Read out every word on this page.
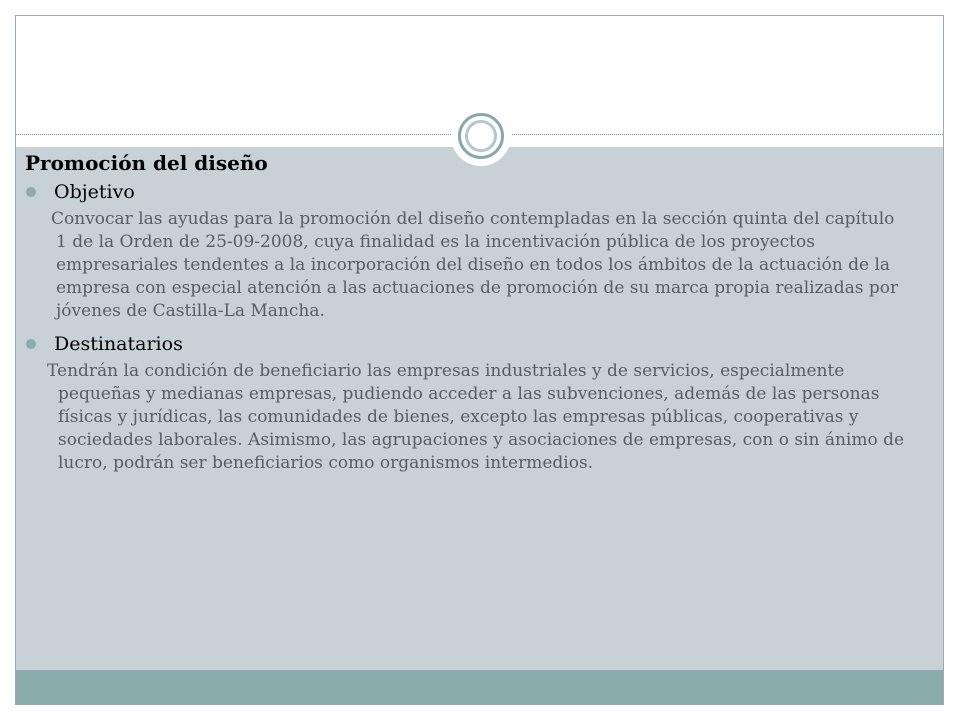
Promoción del diseño

Objetivo

Convocar las ayudas para la promoción del diseño contempladas en la sección quinta del capítulo 1 de la Orden de 25-09-2008, cuya finalidad es la incentivación pública de los proyectos empresariales tendentes a la incorporación del diseño en todos los ámbitos de la actuación de la empresa con especial atención a las actuaciones de promoción de su marca propia realizadas por jóvenes de Castilla-La Mancha.

Destinatarios

Tendrán la condición de beneficiario las empresas industriales y de servicios, especialmente pequeñas y medianas empresas, pudiendo acceder a las subvenciones, además de las personas físicas y jurídicas, las comunidades de bienes, excepto las empresas públicas, cooperativas y sociedades laborales. Asimismo, las agrupaciones y asociaciones de empresas, con o sin ánimo de lucro, podrán ser beneficiarios como organismos intermedios.
